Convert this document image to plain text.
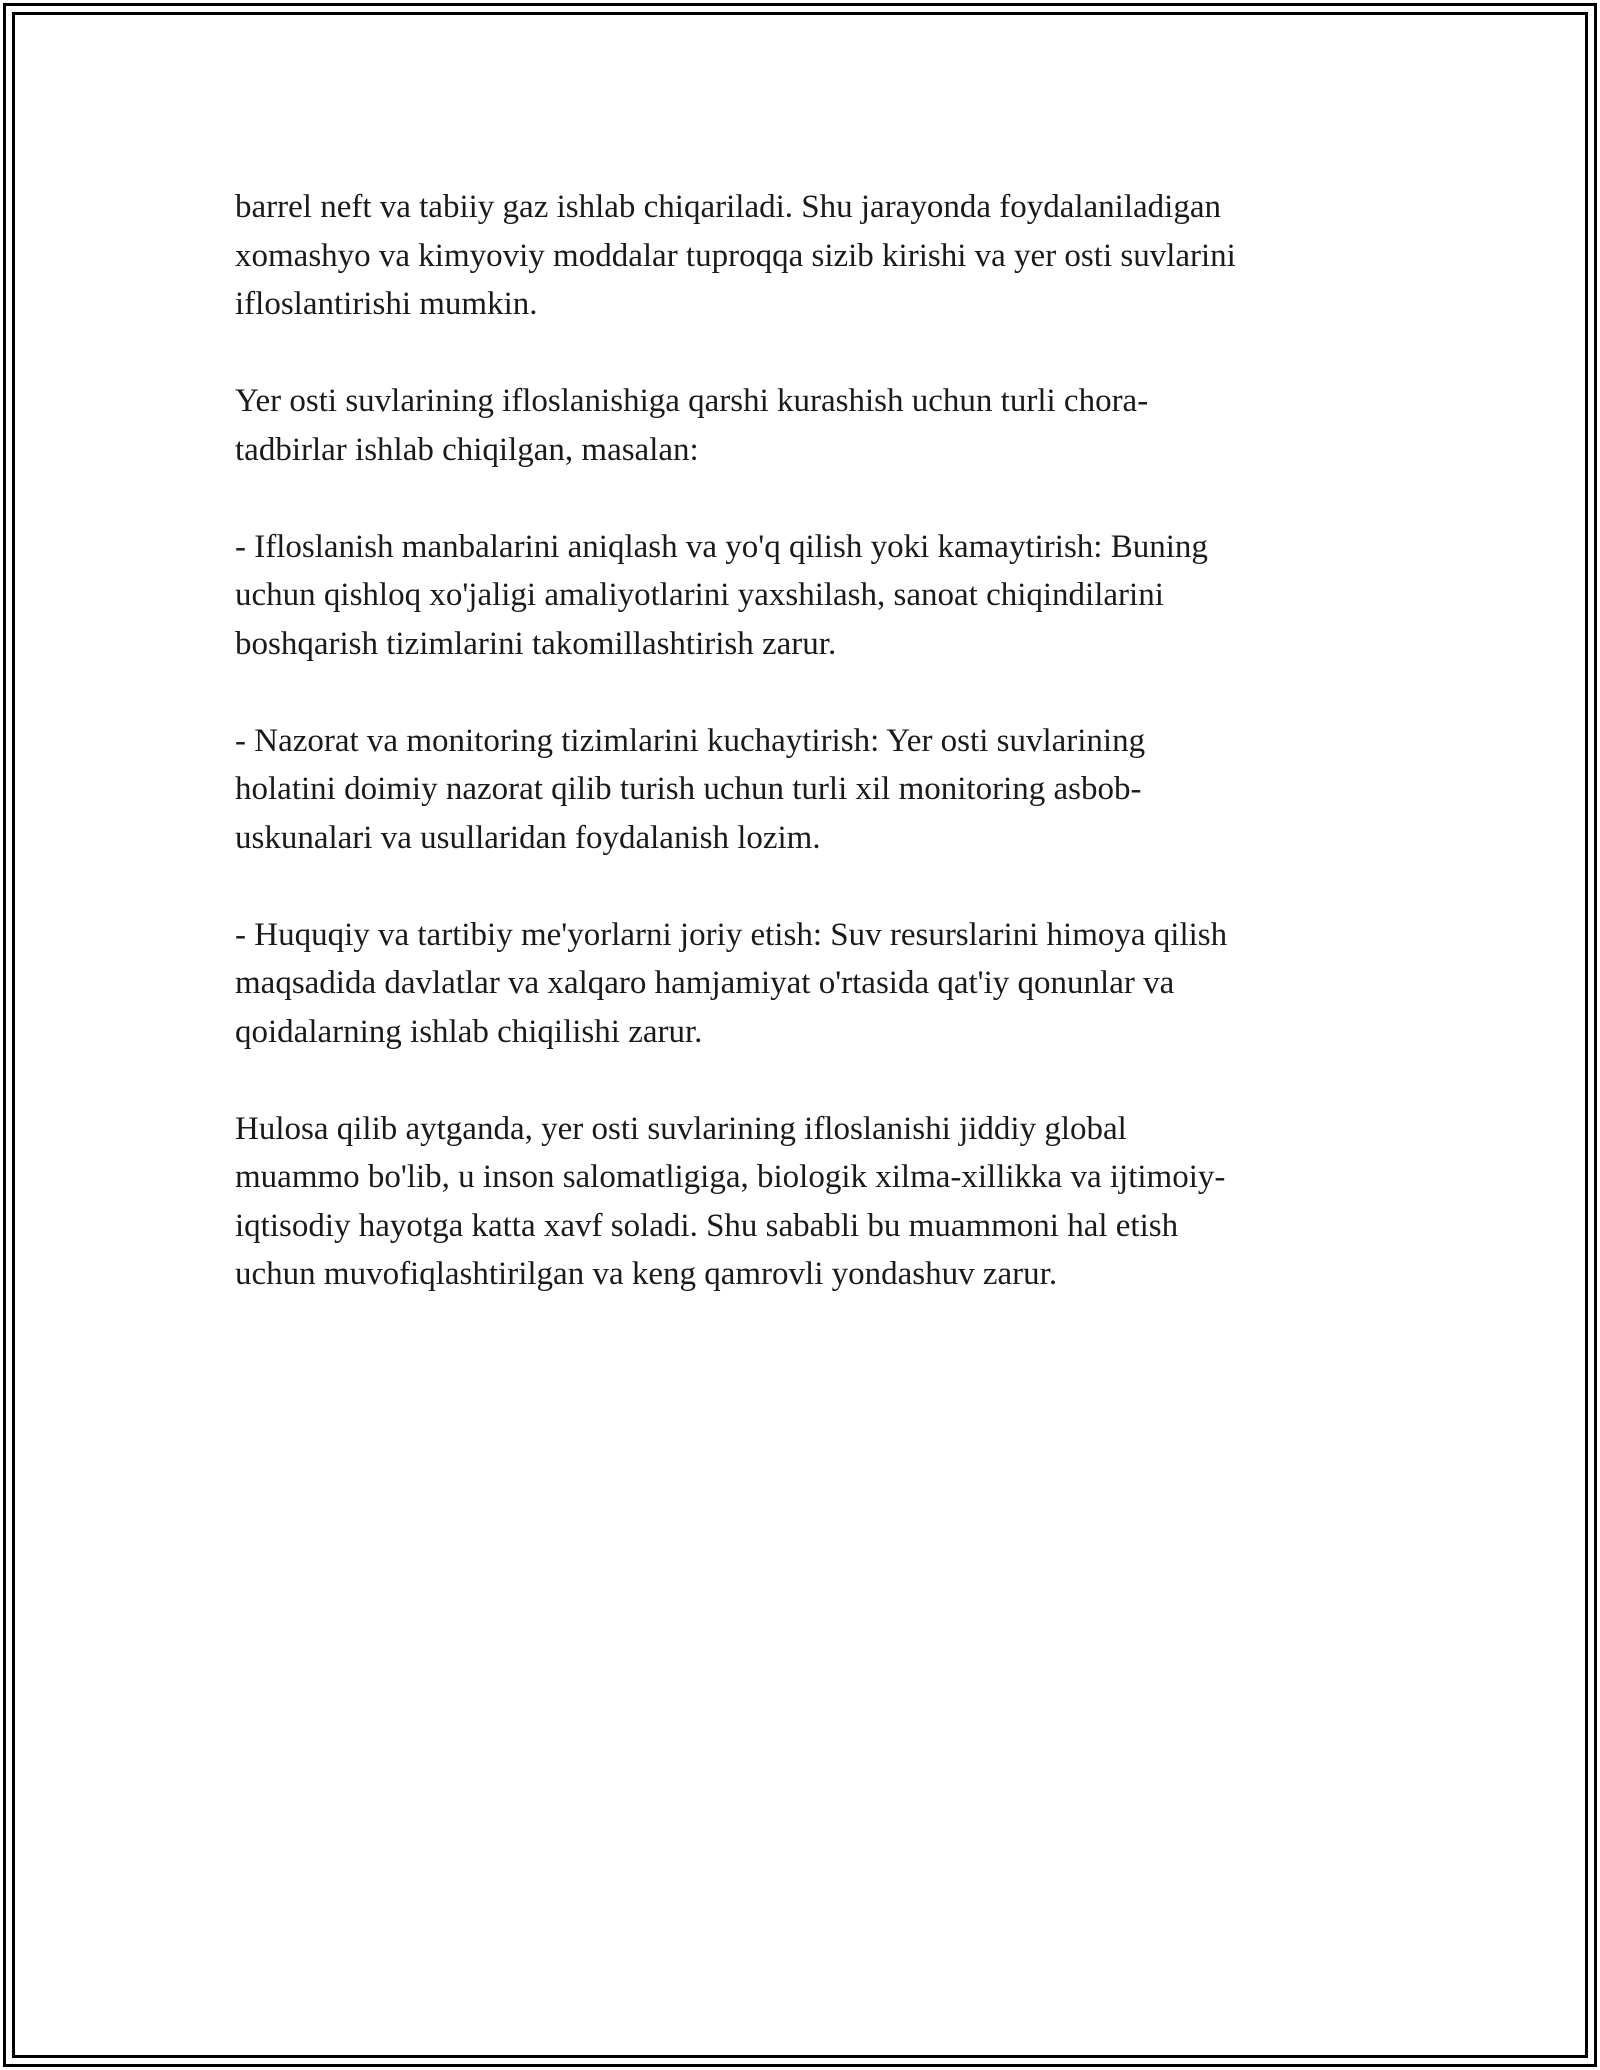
barrel neft va tabiiy gaz ishlab chiqariladi. Shu jarayonda foydalaniladigan
xomashyo va kimyoviy moddalar tuproqqa sizib kirishi va yer osti suvlarini
ifloslantirishi mumkin.

Yer osti suvlarining ifloslanishiga qarshi kurashish uchun turli chora-
tadbirlar ishlab chiqilgan, masalan:

- Ifloslanish manbalarini aniqlash va yo'q qilish yoki kamaytirish: Buning
uchun qishloq xo'jaligi amaliyotlarini yaxshilash, sanoat chiqindilarini
boshqarish tizimlarini takomillashtirish zarur.

- Nazorat va monitoring tizimlarini kuchaytirish: Yer osti suvlarining
holatini doimiy nazorat qilib turish uchun turli xil monitoring asbob-
uskunalari va usullaridan foydalanish lozim.

- Huquqiy va tartibiy me'yorlarni joriy etish: Suv resurslarini himoya qilish
maqsadida davlatlar va xalqaro hamjamiyat o'rtasida qat'iy qonunlar va
qoidalarning ishlab chiqilishi zarur.

Hulosa qilib aytganda, yer osti suvlarining ifloslanishi jiddiy global
muammo bo'lib, u inson salomatligiga, biologik xilma-xillikka va ijtimoiy-
iqtisodiy hayotga katta xavf soladi. Shu sababli bu muammoni hal etish
uchun muvofiqlashtirilgan va keng qamrovli yondashuv zarur.
